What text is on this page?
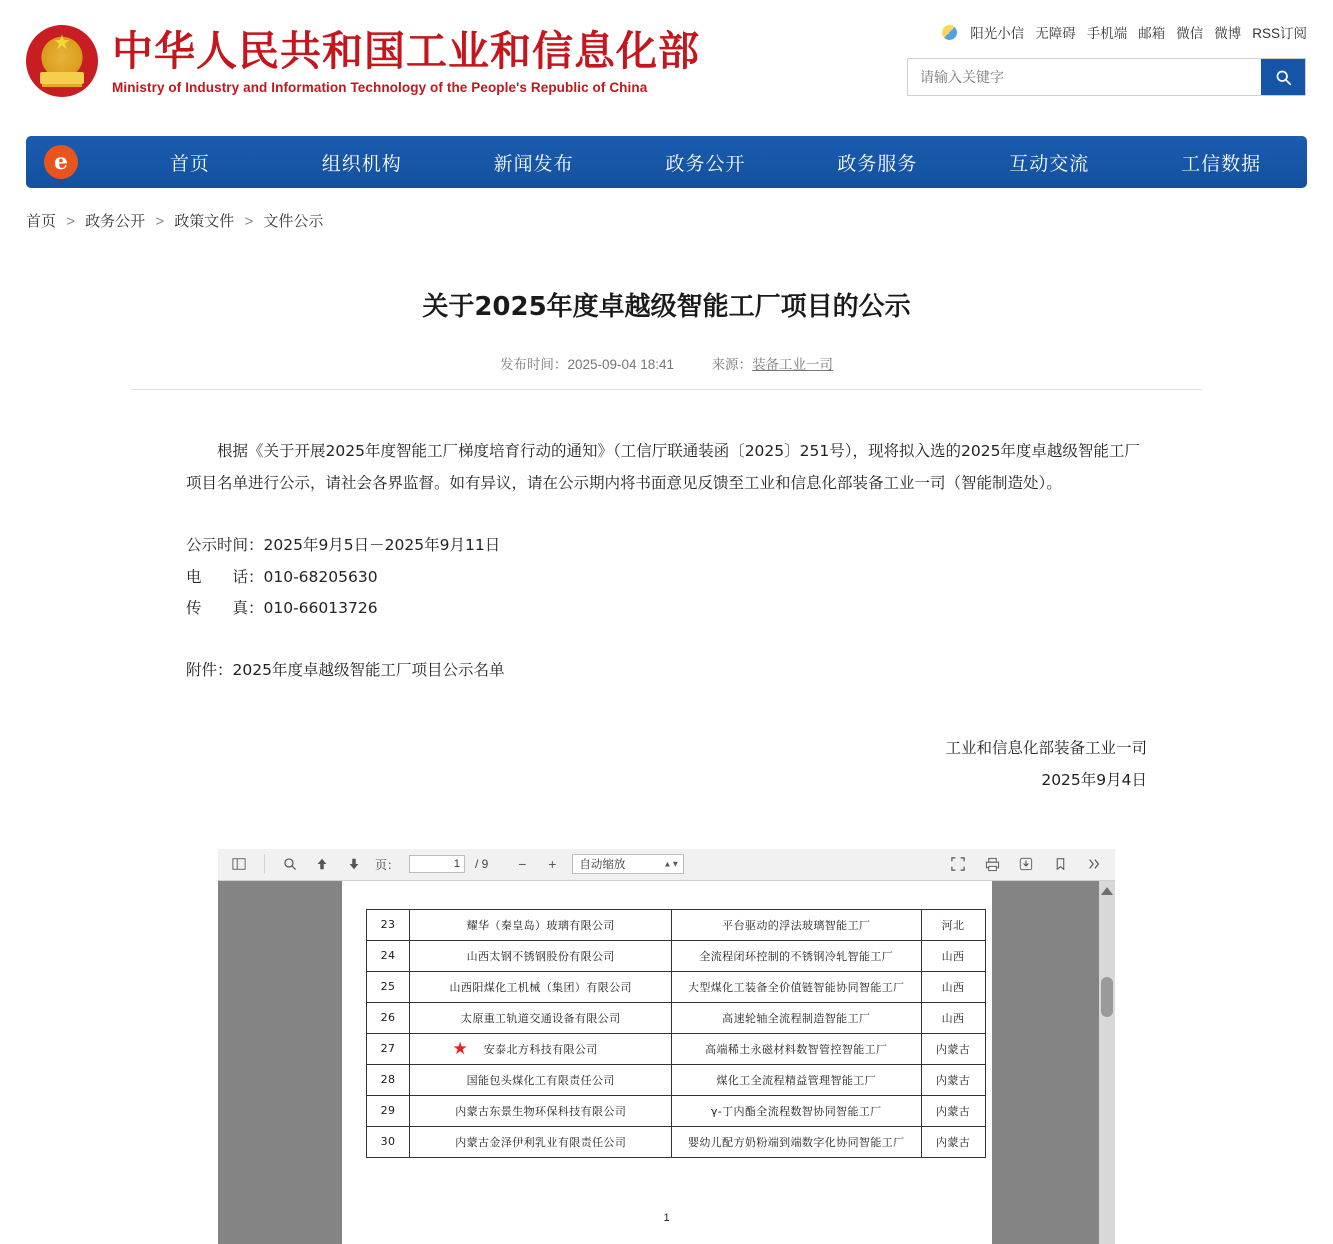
★
中华人民共和国工业和信息化部
Ministry of Industry and Information Technology of the People's Republic of China
阳光小信 无障碍 手机端 邮箱 微信 微博 RSS订阅
请输入关键字
e
首页	组织机构	新闻发布	政务公开	政务服务	互动交流	工信数据
首页 > 政务公开 > 政策文件 > 文件公示
关于2025年度卓越级智能工厂项目的公示
发布时间：2025-09-04 18:41	来源：装备工业一司

根据《关于开展2025年度智能工厂梯度培育行动的通知》（工信厅联通装函〔2025〕251号），现将拟入选的2025年度卓越级智能工厂项目名单进行公示，请社会各界监督。如有异议，请在公示期内将书面意见反馈至工业和信息化部装备工业一司（智能制造处）。

公示时间：2025年9月5日－2025年9月11日

电　　话：010-68205630

传　　真：010-66013726

附件：2025年度卓越级智能工厂项目公示名单

工业和信息化部装备工业一司
2025年9月4日
页：
1	/ 9	−	+	自动缩放	▲▼
23	耀华（秦皇岛）玻璃有限公司	平台驱动的浮法玻璃智能工厂	河北
24	山西太钢不锈钢股份有限公司	全流程闭环控制的不锈钢冷轧智能工厂	山西
25	山西阳煤化工机械（集团）有限公司	大型煤化工装备全价值链智能协同智能工厂	山西
26	太原重工轨道交通设备有限公司	高速轮轴全流程制造智能工厂	山西
27	★ 安泰北方科技有限公司	高端稀土永磁材料数智管控智能工厂	内蒙古
28	国能包头煤化工有限责任公司	煤化工全流程精益管理智能工厂	内蒙古
29	内蒙古东景生物环保科技有限公司	γ-丁内酯全流程数智协同智能工厂	内蒙古
30	内蒙古金泽伊利乳业有限责任公司	婴幼儿配方奶粉端到端数字化协同智能工厂	内蒙古
1
